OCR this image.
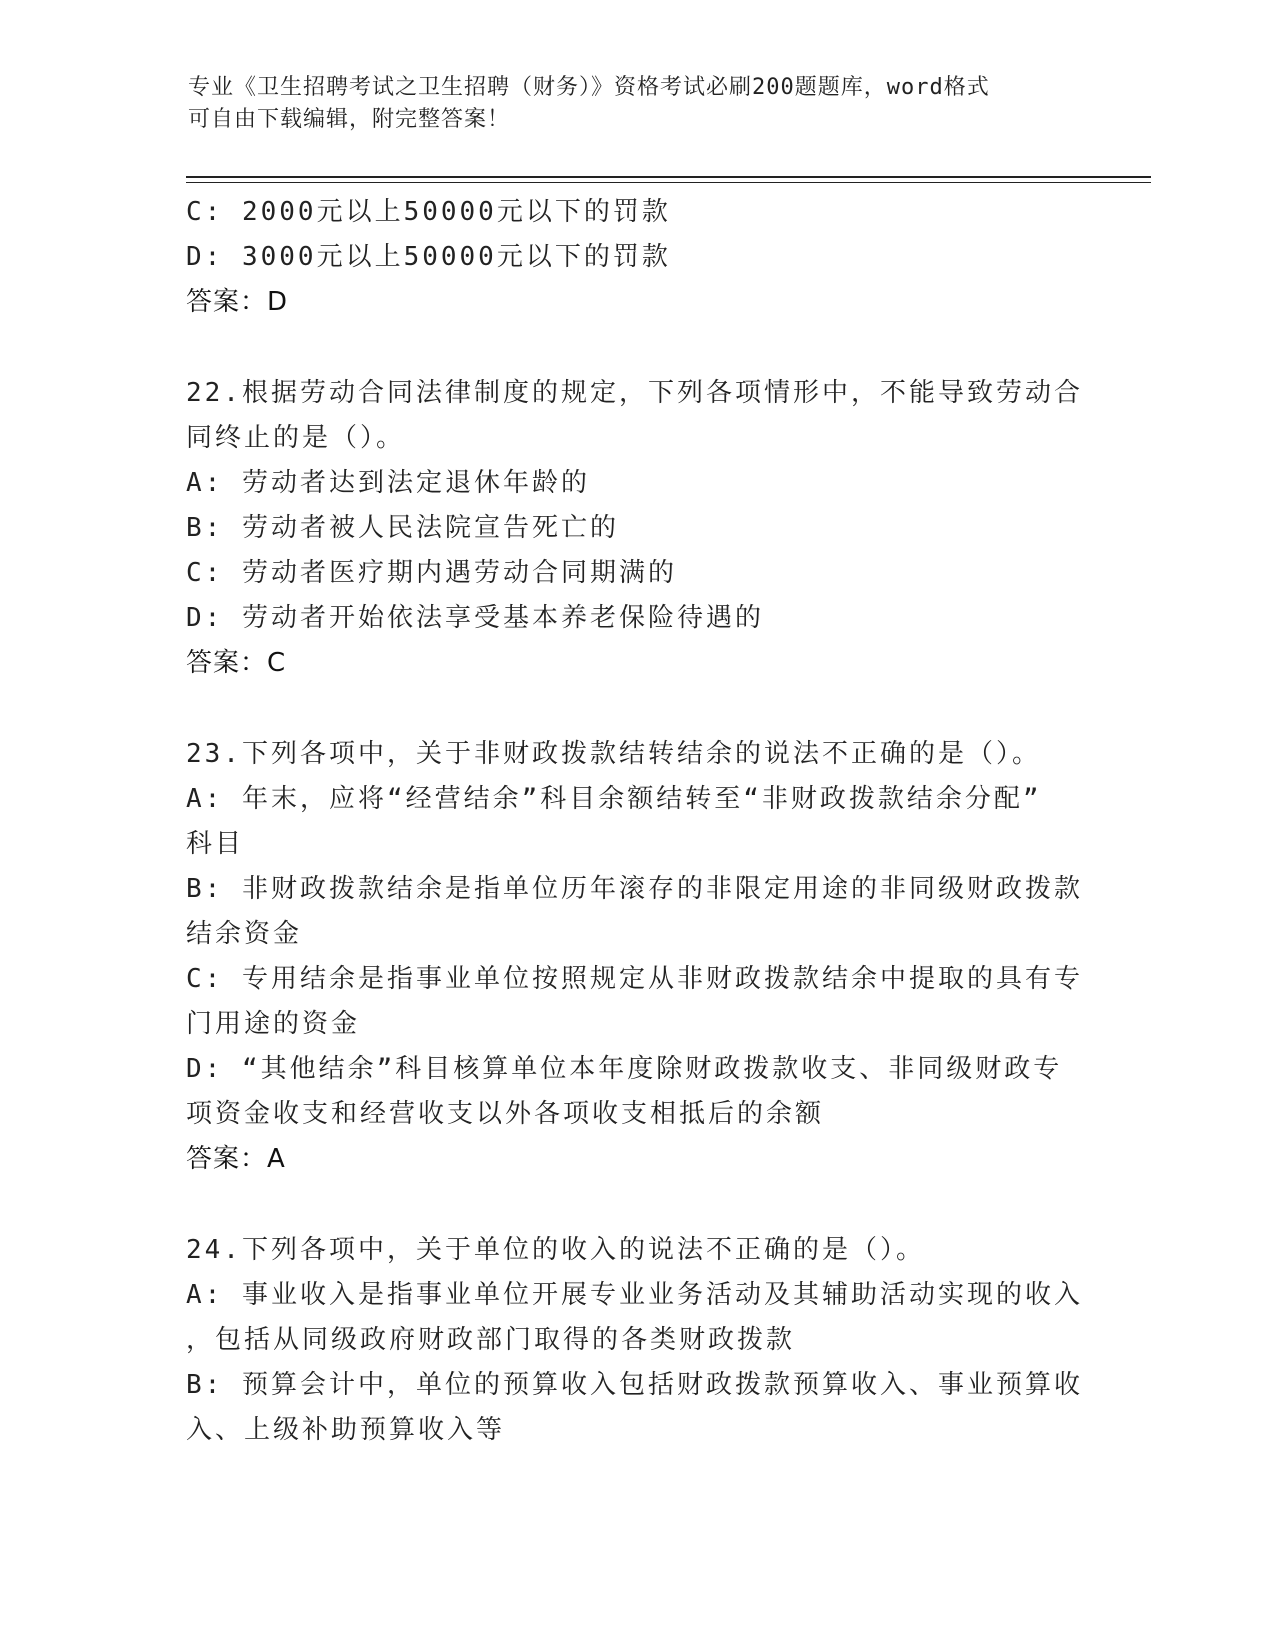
专业《卫生招聘考试之卫生招聘（财务）》资格考试必刷200题题库，word格式
可自由下载编辑，附完整答案！

C: 2000元以上50000元以下的罚款

D: 3000元以上50000元以下的罚款

答案：D

22.根据劳动合同法律制度的规定，下列各项情形中，不能导致劳动合

同终止的是（）。

A: 劳动者达到法定退休年龄的

B: 劳动者被人民法院宣告死亡的

C: 劳动者医疗期内遇劳动合同期满的

D: 劳动者开始依法享受基本养老保险待遇的

答案：C

23.下列各项中，关于非财政拨款结转结余的说法不正确的是（）。

A: 年末，应将“经营结余”科目余额结转至“非财政拨款结余分配”

科目

B: 非财政拨款结余是指单位历年滚存的非限定用途的非同级财政拨款

结余资金

C: 专用结余是指事业单位按照规定从非财政拨款结余中提取的具有专

门用途的资金

D: “其他结余”科目核算单位本年度除财政拨款收支、非同级财政专

项资金收支和经营收支以外各项收支相抵后的余额

答案：A

24.下列各项中，关于单位的收入的说法不正确的是（）。

A: 事业收入是指事业单位开展专业业务活动及其辅助活动实现的收入

，包括从同级政府财政部门取得的各类财政拨款

B: 预算会计中，单位的预算收入包括财政拨款预算收入、事业预算收

入、上级补助预算收入等
